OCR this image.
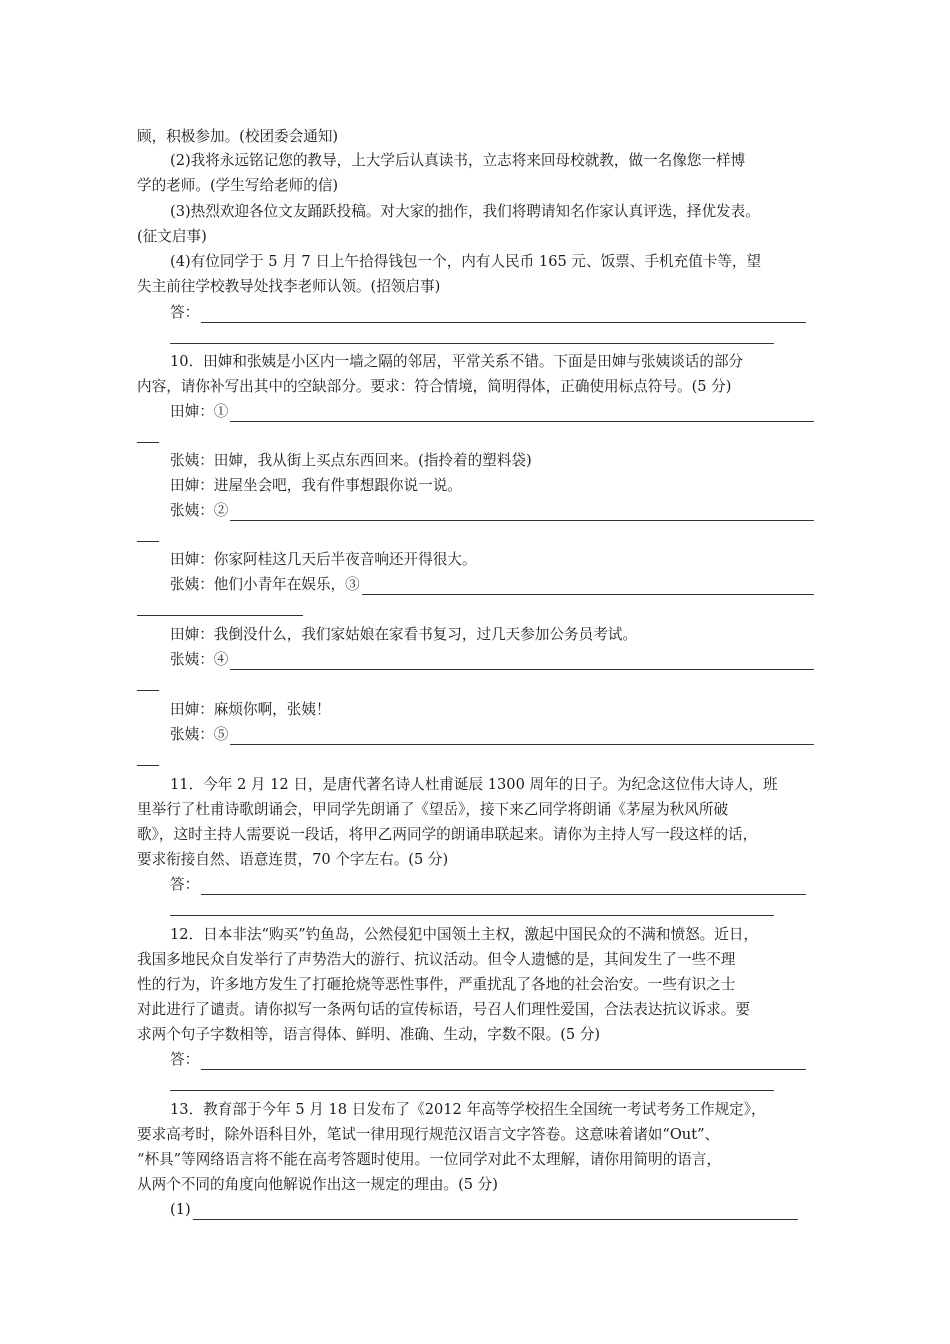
顾，积极参加。(校团委会通知)
(2)我将永远铭记您的教导，上大学后认真读书，立志将来回母校就教，做一名像您一样博
学的老师。(学生写给老师的信)
(3)热烈欢迎各位文友踊跃投稿。对大家的拙作，我们将聘请知名作家认真评选，择优发表。
(征文启事)
(4)有位同学于 5 月 7 日上午拾得钱包一个，内有人民币 165 元、饭票、手机充值卡等，望
失主前往学校教导处找李老师认领。(招领启事)
答：
10．田婶和张姨是小区内一墙之隔的邻居，平常关系不错。下面是田婶与张姨谈话的部分
内容，请你补写出其中的空缺部分。要求：符合情境，简明得体，正确使用标点符号。(5 分)
田婶：①
张姨：田婶，我从街上买点东西回来。(指拎着的塑料袋)
田婶：进屋坐会吧，我有件事想跟你说一说。
张姨：②
田婶：你家阿桂这几天后半夜音响还开得很大。
张姨：他们小青年在娱乐，③
田婶：我倒没什么，我们家姑娘在家看书复习，过几天参加公务员考试。
张姨：④
田婶：麻烦你啊，张姨！
张姨：⑤
11．今年 2 月 12 日，是唐代著名诗人杜甫诞辰 1300 周年的日子。为纪念这位伟大诗人，班
里举行了杜甫诗歌朗诵会，甲同学先朗诵了《望岳》，接下来乙同学将朗诵《茅屋为秋风所破
歌》，这时主持人需要说一段话，将甲乙两同学的朗诵串联起来。请你为主持人写一段这样的话，
要求衔接自然、语意连贯，70 个字左右。(5 分)
答：
12．日本非法“购买”钓鱼岛，公然侵犯中国领土主权，激起中国民众的不满和愤怒。近日，
我国多地民众自发举行了声势浩大的游行、抗议活动。但令人遗憾的是，其间发生了一些不理
性的行为，许多地方发生了打砸抢烧等恶性事件，严重扰乱了各地的社会治安。一些有识之士
对此进行了谴责。请你拟写一条两句话的宣传标语，号召人们理性爱国，合法表达抗议诉求。要
求两个句子字数相等，语言得体、鲜明、准确、生动，字数不限。(5 分)
答：
13．教育部于今年 5 月 18 日发布了《2012 年高等学校招生全国统一考试考务工作规定》，
要求高考时，除外语科目外，笔试一律用现行规范汉语言文字答卷。这意味着诸如“Out”、
“杯具”等网络语言将不能在高考答题时使用。一位同学对此不太理解，请你用简明的语言，
从两个不同的角度向他解说作出这一规定的理由。(5 分)
(1)
